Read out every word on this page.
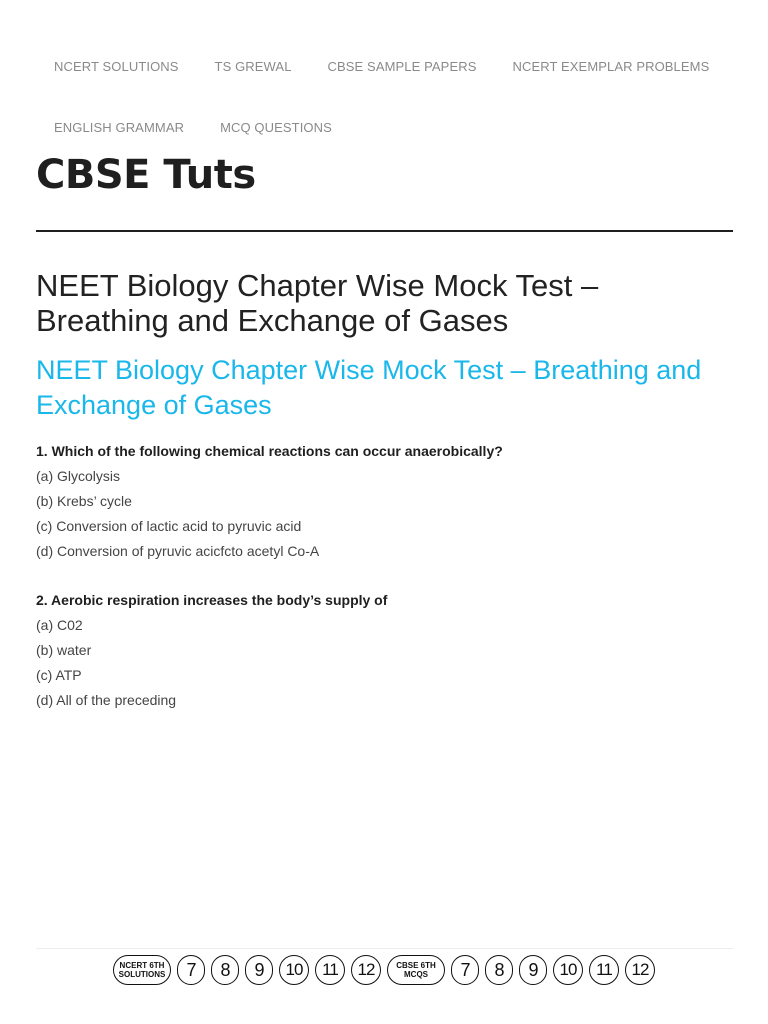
NCERT SOLUTIONS	TS GREWAL	CBSE SAMPLE PAPERS	NCERT EXEMPLAR PROBLEMS
ENGLISH GRAMMAR	MCQ QUESTIONS
CBSE Tuts
NEET Biology Chapter Wise Mock Test – Breathing and Exchange of Gases
NEET Biology Chapter Wise Mock Test – Breathing and Exchange of Gases

1. Which of the following chemical reactions can occur anaerobically?

(a) Glycolysis

(b) Krebs’ cycle

(c) Conversion of lactic acid to pyruvic acid

(d) Conversion of pyruvic acicfcto acetyl Co-A

2. Aerobic respiration increases the body’s supply of

(a) C02

(b) water

(c) ATP

(d) All of the preceding

NCERT 6TH
SOLUTIONS	7	8	9	10	11	12	CBSE 6TH
MCQS	7	8	9	10	11	12
